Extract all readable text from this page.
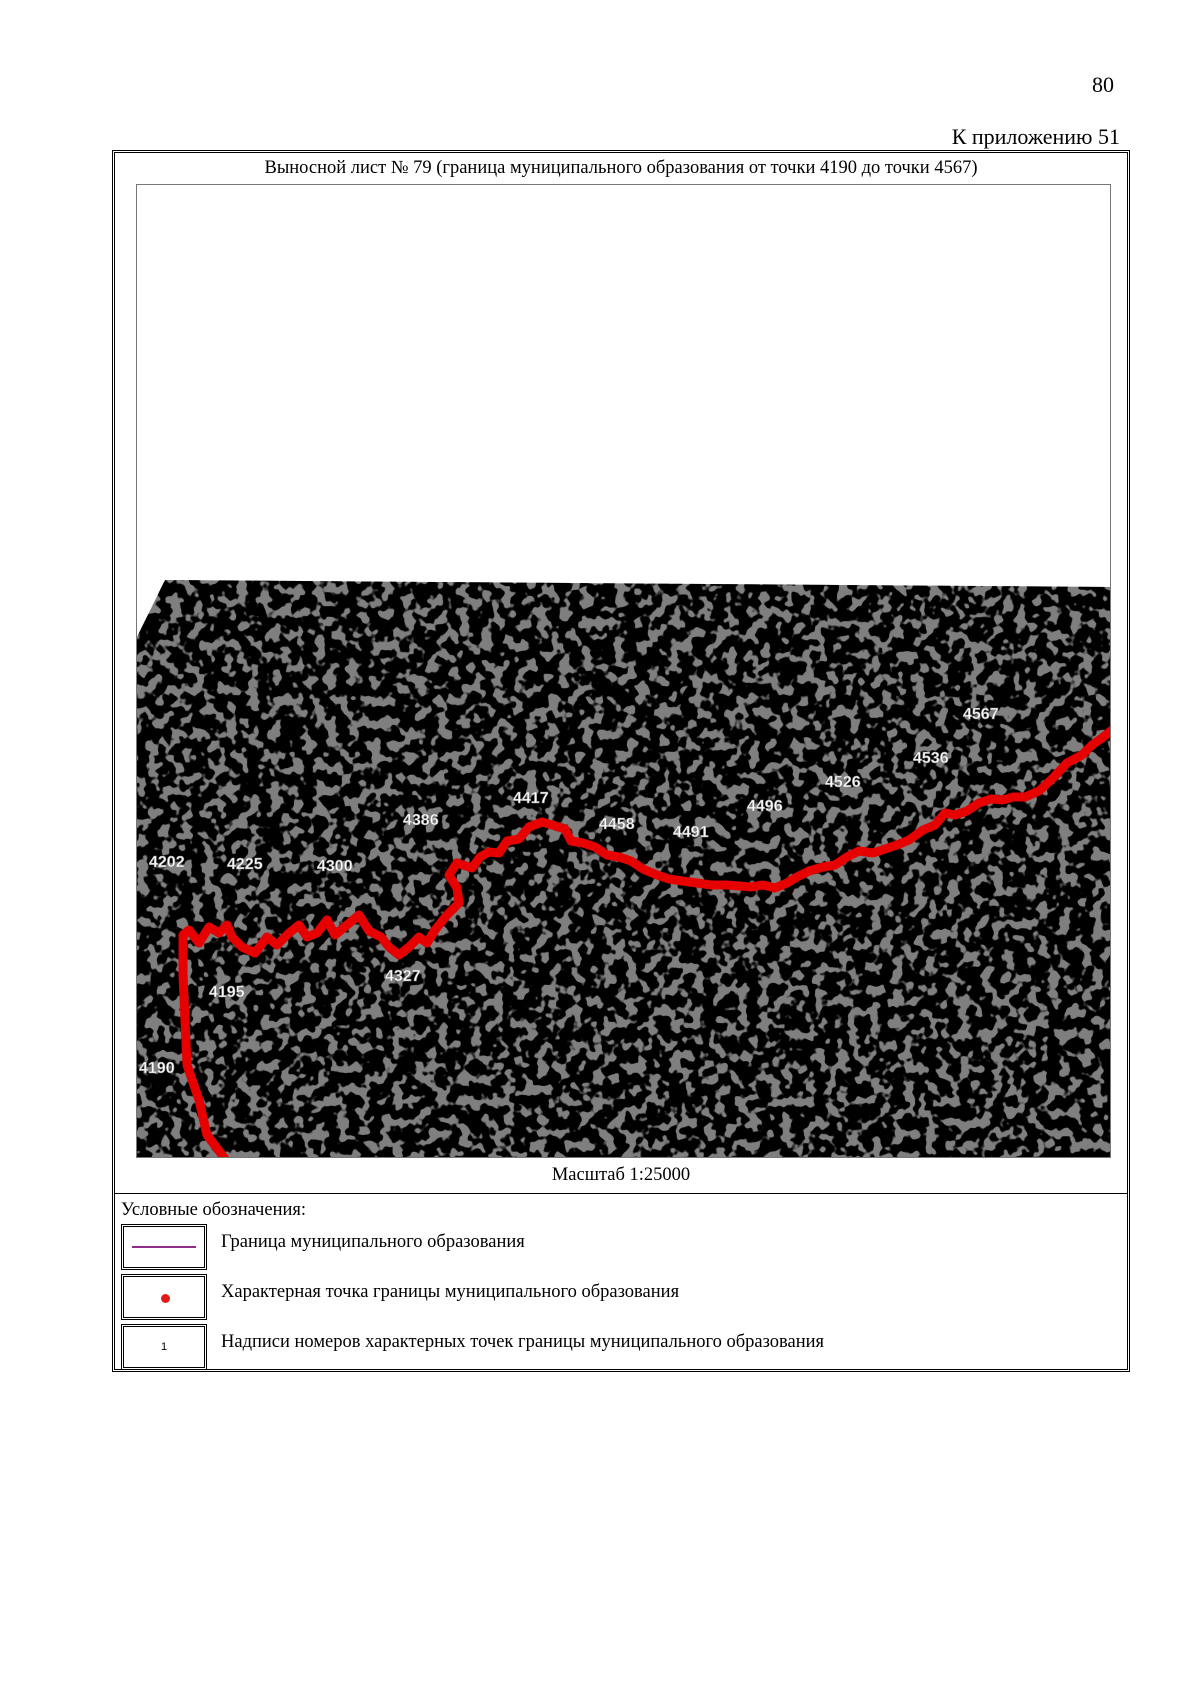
80
К приложению 51
Выносной лист № 79 (граница муниципального образования от точки 4190 до точки 4567)
4190
4195
4202	4225	4300
4327
4386
4417
4458 4491
4496
4526
4536
4567
Масштаб 1:25000
Условные обозначения:
Граница муниципального образования
Характерная точка границы муниципального образования
1	Надписи номеров характерных точек границы муниципального образования
